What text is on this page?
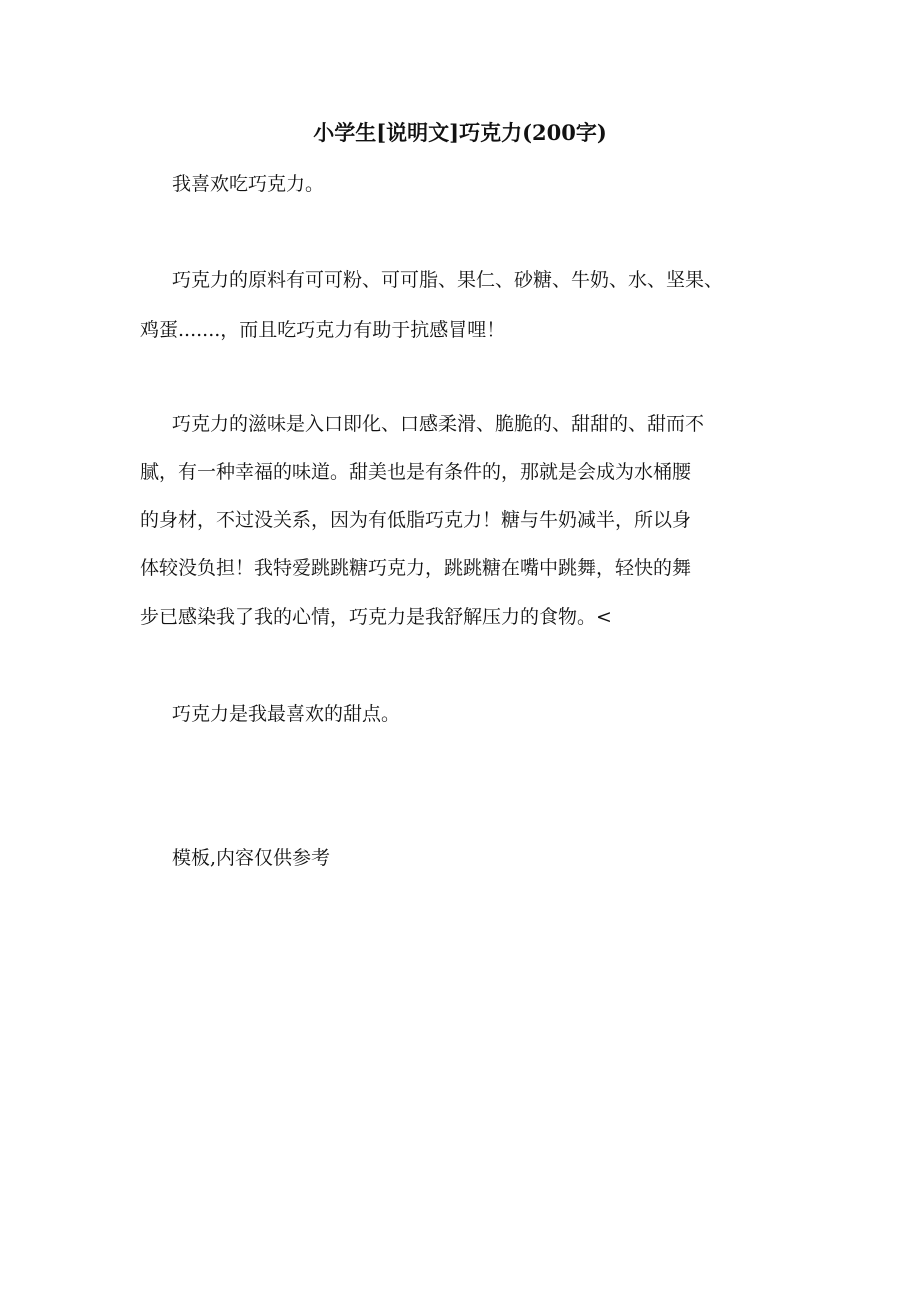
小学生[说明文]巧克力(200字)
我喜欢吃巧克力。
巧克力的原料有可可粉、可可脂、果仁、砂糖、牛奶、水、坚果、
鸡蛋.......，而且吃巧克力有助于抗感冒哩！
巧克力的滋味是入口即化、口感柔滑、脆脆的、甜甜的、甜而不
腻，有一种幸福的味道。甜美也是有条件的，那就是会成为水桶腰
的身材，不过没关系，因为有低脂巧克力！糖与牛奶减半，所以身
体较没负担！我特爱跳跳糖巧克力，跳跳糖在嘴中跳舞，轻快的舞
步已感染我了我的心情，巧克力是我舒解压力的食物。<
巧克力是我最喜欢的甜点。
模板,内容仅供参考
